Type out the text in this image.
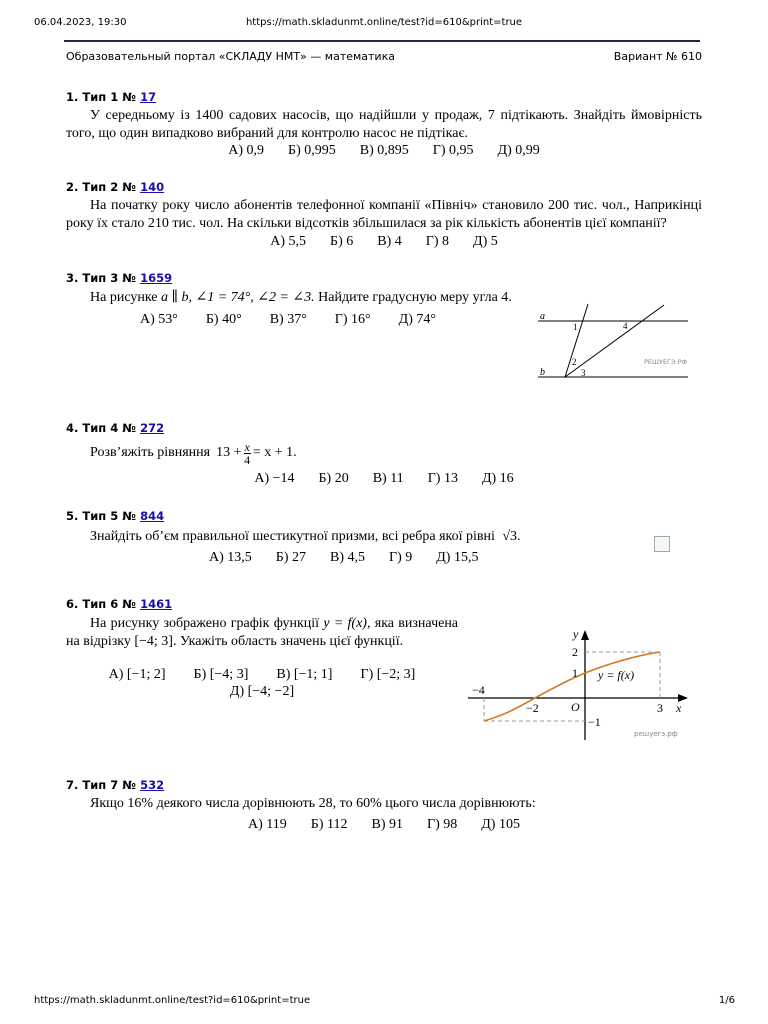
06.04.2023, 19:30	https://math.skladunmt.online/test?id=610&print=true
Образовательный портал «СКЛАДУ НМТ» — математика	Вариант № 610
1. Тип 1 № 17
У середньому із 1400 садових насосів, що надійшли у продаж, 7 підтікають. Знайдіть ймовірність того, що один випадково вибраний для контролю насос не підтікає.
А) 0,9 Б) 0,995 В) 0,895 Г) 0,95 Д) 0,99
2. Тип 2 № 140
На початку року число абонентів телефонної компанії «Північ» становило 200 тис. чол., Наприкінці року їх стало 210 тис. чол. На скільки відсотків збільшилася за рік кількість абонентів цієї компанії?
А) 5,5 Б) 6 В) 4 Г) 8 Д) 5
3. Тип 3 № 1659
На рисунке a ∥ b, ∠1 = 74°, ∠2 = ∠3. Найдите градусную меру угла 4.
А) 53° Б) 40° В) 37° Г) 16° Д) 74°	a
b
1
2
3
4
РЕШУЕГЭ.РФ
4. Тип 4 № 272
Розв’яжіть рівняння $13 + \frac{x}{4} = x + 1$.
А) −14 Б) 20 В) 11 Г) 13 Д) 16
5. Тип 5 № 844
Знайдіть об’єм правильної шестикутної призми, всі ребра якої рівні √3.
А) 13,5 Б) 27 В) 4,5 Г) 9 Д) 15,5
6. Тип 6 № 1461
На рисунку зображено графік функції y = f(x), яка визначена на відрізку [−4; 3]. Укажіть область значень цієї функції.
А) [−1; 2] Б) [−4; 3] В) [−1; 1] Г) [−2; 3]
Д) [−4; −2]
y
x
O
y = f(x)
−4
−2	3
2
1
−1
решуегэ.рф
7. Тип 7 № 532
Якщо 16% деякого числа дорівнюють 28, то 60% цього числа дорівнюють:
А) 119 Б) 112 В) 91 Г) 98 Д) 105
https://math.skladunmt.online/test?id=610&print=true	1/6
